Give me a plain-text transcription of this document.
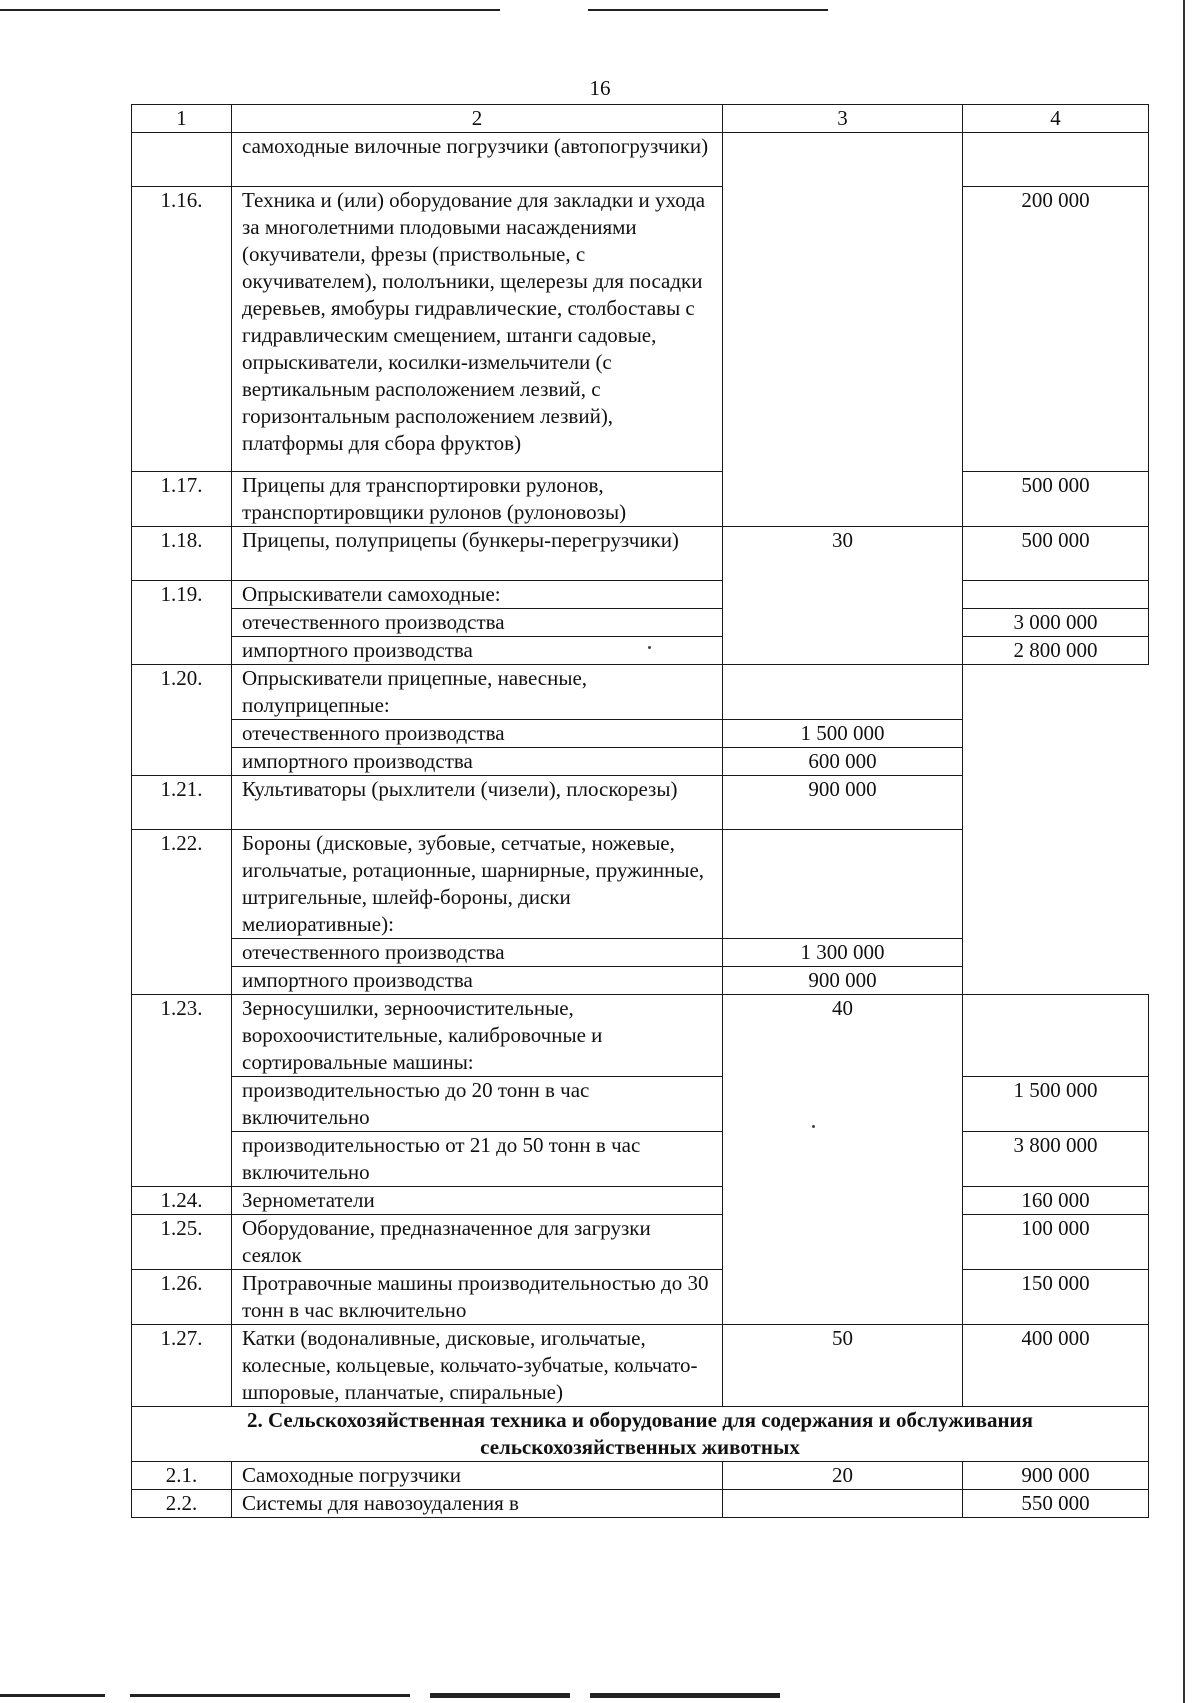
16
1	2	3	4
	самоходные вилочные погрузчики (автопогрузчики)		
1.16.	Техника и (или) оборудование для закладки и ухода за многолетними плодовыми насаждениями (окучиватели, фрезы (приствольные, с окучивателем), пололъники, щелерезы для посадки деревьев, ямобуры гидравлические, столбоставы с гидравлическим смещением, штанги садовые, опрыскиватели, косилки-измельчители (с вертикальным расположением лезвий, с горизонтальным расположением лезвий), платформы для сбора фруктов)		200 000
1.17.	Прицепы для транспортировки рулонов, транспортировщики рулонов (рулоновозы)		500 000
1.18.	Прицепы, полуприцепы (бункеры-перегрузчики)	30	500 000
1.19.	Опрыскиватели самоходные:		
	отечественного производства		3 000 000
	импортного производства		2 800 000
1.20.	Опрыскиватели прицепные, навесные, полуприцепные:		
	отечественного производства	1 500 000	
	импортного производства	600 000	
1.21.	Культиваторы (рыхлители (чизели), плоскорезы)	900 000	
1.22.	Бороны (дисковые, зубовые, сетчатые, ножевые, игольчатые, ротационные, шарнирные, пружинные, штригельные, шлейф-бороны, диски мелиоративные):		
	отечественного производства	1 300 000	
	импортного производства	900 000	
1.23.	Зерносушилки, зерноочистительные, ворохоочистительные, калибровочные и сортировальные машины:	40	
	производительностью до 20 тонн в час включительно		1 500 000
	производительностью от 21 до 50 тонн в час включительно		3 800 000
1.24.	Зернометатели		160 000
1.25.	Оборудование, предназначенное для загрузки сеялок		100 000
1.26.	Протравочные машины производительностью до 30 тонн в час включительно		150 000
1.27.	Катки (водоналивные, дисковые, игольчатые, колесные, кольцевые, кольчато-зубчатые, кольчато-шпоровые, планчатые, спиральные)	50	400 000
2. Сельскохозяйственная техника и оборудование для содержания и обслуживания сельскохозяйственных животных			
2.1.	Самоходные погрузчики	20	900 000
2.2.	Системы для навозоудаления в		550 000
